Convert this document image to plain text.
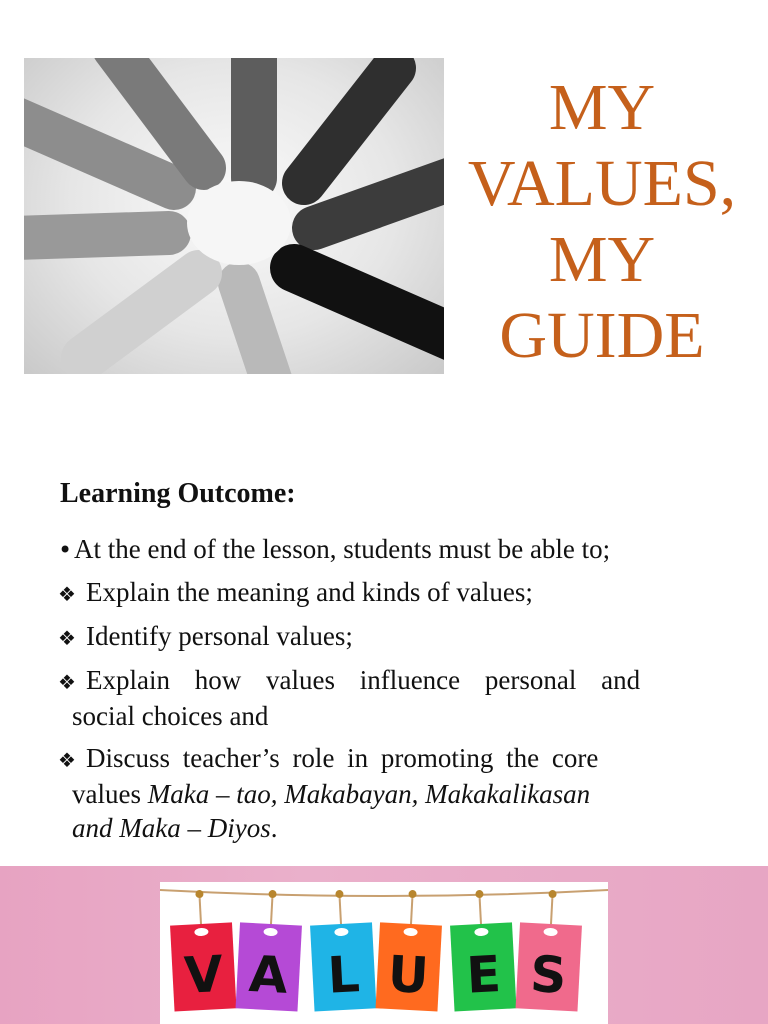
MY
VALUES,
MY
GUIDE
Learning Outcome:
•At the end of the lesson, students must be able to;
❖ Explain the meaning and kinds of values;
❖ Identify personal values;
❖ Explain how values influence personal and
social choices and
❖ Discuss teacher’s role in promoting the core
values Maka – tao, Makabayan, Makakalikasan
and Maka – Diyos.
V A L U E S
